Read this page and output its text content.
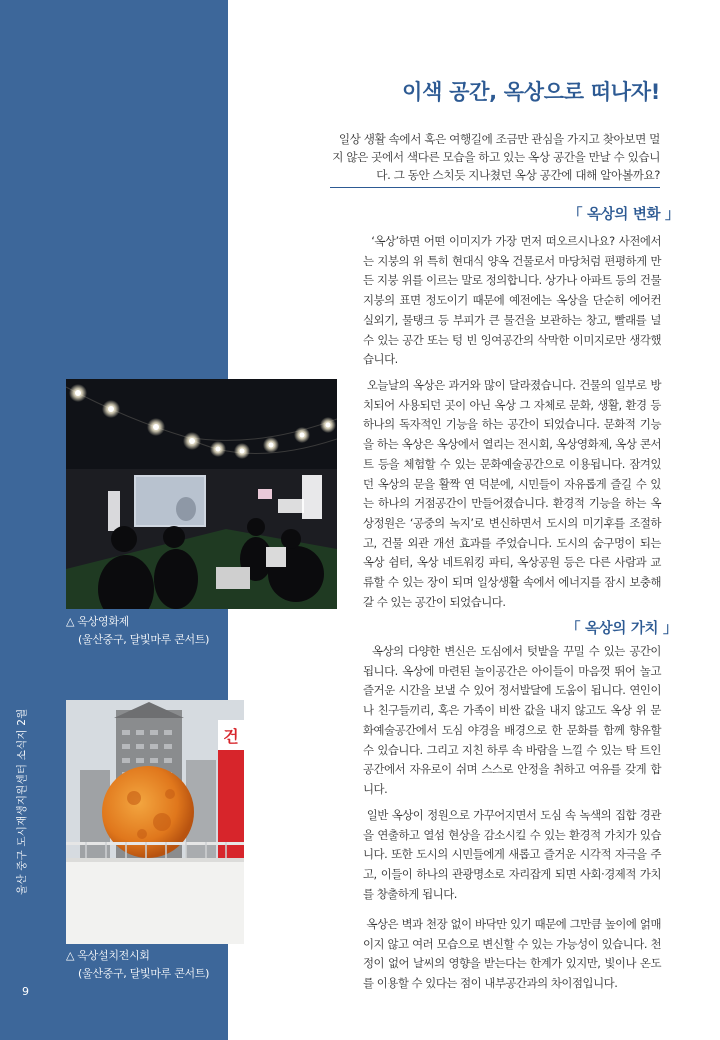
울산 중구 도시재생지원센터 소식지 2월
9
이색 공간, 옥상으로 떠나자!

일상 생활 속에서 혹은 여행길에 조금만 관심을 가지고 찾아보면 멀지 않은 곳에서 색다른 모습을 하고 있는 옥상 공간을 만날 수 있습니다. 그 동안 스치듯 지나쳤던 옥상 공간에 대해 알아볼까요?

「 옥상의 변화 」

‘옥상’하면 어떤 이미지가 가장 먼저 떠오르시나요? 사전에서는 지붕의 위 특히 현대식 양옥 건물로서 마당처럼 편평하게 만든 지붕 위를 이르는 말로 정의합니다. 상가나 아파트 등의 건물 지붕의 표면 정도이기 때문에 예전에는 옥상을 단순히 에어컨 실외기, 물탱크 등 부피가 큰 물건을 보관하는 창고, 빨래를 널 수 있는 공간 또는 텅 빈 잉여공간의 삭막한 이미지로만 생각했습니다.

오늘날의 옥상은 과거와 많이 달라졌습니다. 건물의 일부로 방치되어 사용되던 곳이 아닌 옥상 그 자체로 문화, 생활, 환경 등 하나의 독자적인 기능을 하는 공간이 되었습니다. 문화적 기능을 하는 옥상은 옥상에서 열리는 전시회, 옥상영화제, 옥상 콘서트 등을 체험할 수 있는 문화예술공간으로 이용됩니다. 잠겨있던 옥상의 문을 활짝 연 덕분에, 시민들이 자유롭게 즐길 수 있는 하나의 거점공간이 만들어졌습니다. 환경적 기능을 하는 옥상정원은 ‘공중의 녹지’로 변신하면서 도시의 미기후를 조절하고, 건물 외관 개선 효과를 주었습니다. 도시의 숨구멍이 되는 옥상 쉼터, 옥상 네트워킹 파티, 옥상공원 등은 다른 사람과 교류할 수 있는 장이 되며 일상생활 속에서 에너지를 잠시 보충해갈 수 있는 공간이 되었습니다.

「 옥상의 가치 」

옥상의 다양한 변신은 도심에서 텃밭을 꾸밀 수 있는 공간이 됩니다. 옥상에 마련된 놀이공간은 아이들이 마음껏 뛰어 놀고 즐거운 시간을 보낼 수 있어 정서발달에 도움이 됩니다. 연인이나 친구들끼리, 혹은 가족이 비싼 값을 내지 않고도 옥상 위 문화예술공간에서 도심 야경을 배경으로 한 문화를 함께 향유할 수 있습니다. 그리고 지친 하루 속 바람을 느낄 수 있는 탁 트인 공간에서 자유로이 쉬며 스스로 안정을 취하고 여유를 갖게 합니다.

일반 옥상이 정원으로 가꾸어지면서 도심 속 녹색의 집합 경관을 연출하고 열섬 현상을 감소시킬 수 있는 환경적 가치가 있습니다. 또한 도시의 시민들에게 새롭고 즐거운 시각적 자극을 주고, 이들이 하나의 관광명소로 자리잡게 되면 사회·경제적 가치를 창출하게 됩니다.

옥상은 벽과 천장 없이 바닥만 있기 때문에 그만큼 높이에 얽매이지 않고 여러 모습으로 변신할 수 있는 가능성이 있습니다. 천정이 없어 날씨의 영향을 받는다는 한계가 있지만, 빛이나 온도를 이용할 수 있다는 점이 내부공간과의 차이점입니다.

△ 옥상영화제
(울산중구, 달빛마루 콘서트)
건
△ 옥상설치전시회
(울산중구, 달빛마루 콘서트)
